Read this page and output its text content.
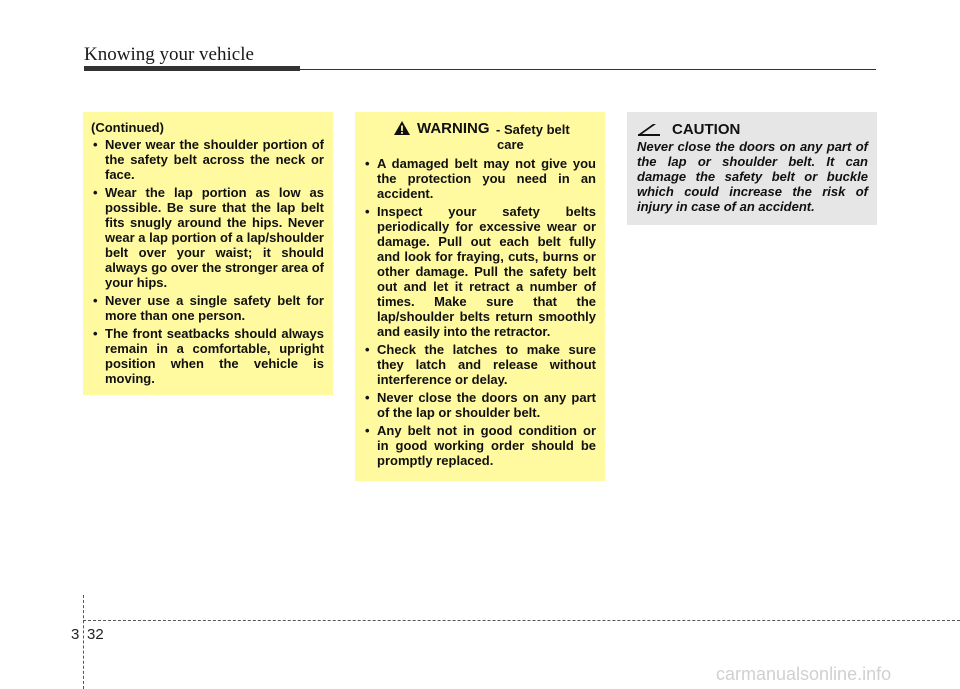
Knowing your vehicle
(Continued)
• Never wear the shoulder portion of the safety belt across the neck or face.
• Wear the lap portion as low as possible. Be sure that the lap belt fits snugly around the hips. Never wear a lap portion of a lap/shoulder belt over your waist; it should always go over the stronger area of your hips.
• Never use a single safety belt for more than one person.
• The front seatbacks should always remain in a comfortable, upright position when the vehicle is moving.
WARNING - Safety belt
care
• A damaged belt may not give you the protection you need in an accident.
• Inspect your safety belts periodically for excessive wear or damage. Pull out each belt fully and look for fraying, cuts, burns or other damage. Pull the safety belt out and let it retract a number of times. Make sure that the lap/shoulder belts return smoothly and easily into the retractor.
• Check the latches to make sure they latch and release without interference or delay.
• Never close the doors on any part of the lap or shoulder belt.
• Any belt not in good condition or in good working order should be promptly replaced.
CAUTION

Never close the doors on any part of the lap or shoulder belt. It can damage the safety belt or buckle which could increase the risk of injury in case of an accident.

3 32
carmanualsonline.info
